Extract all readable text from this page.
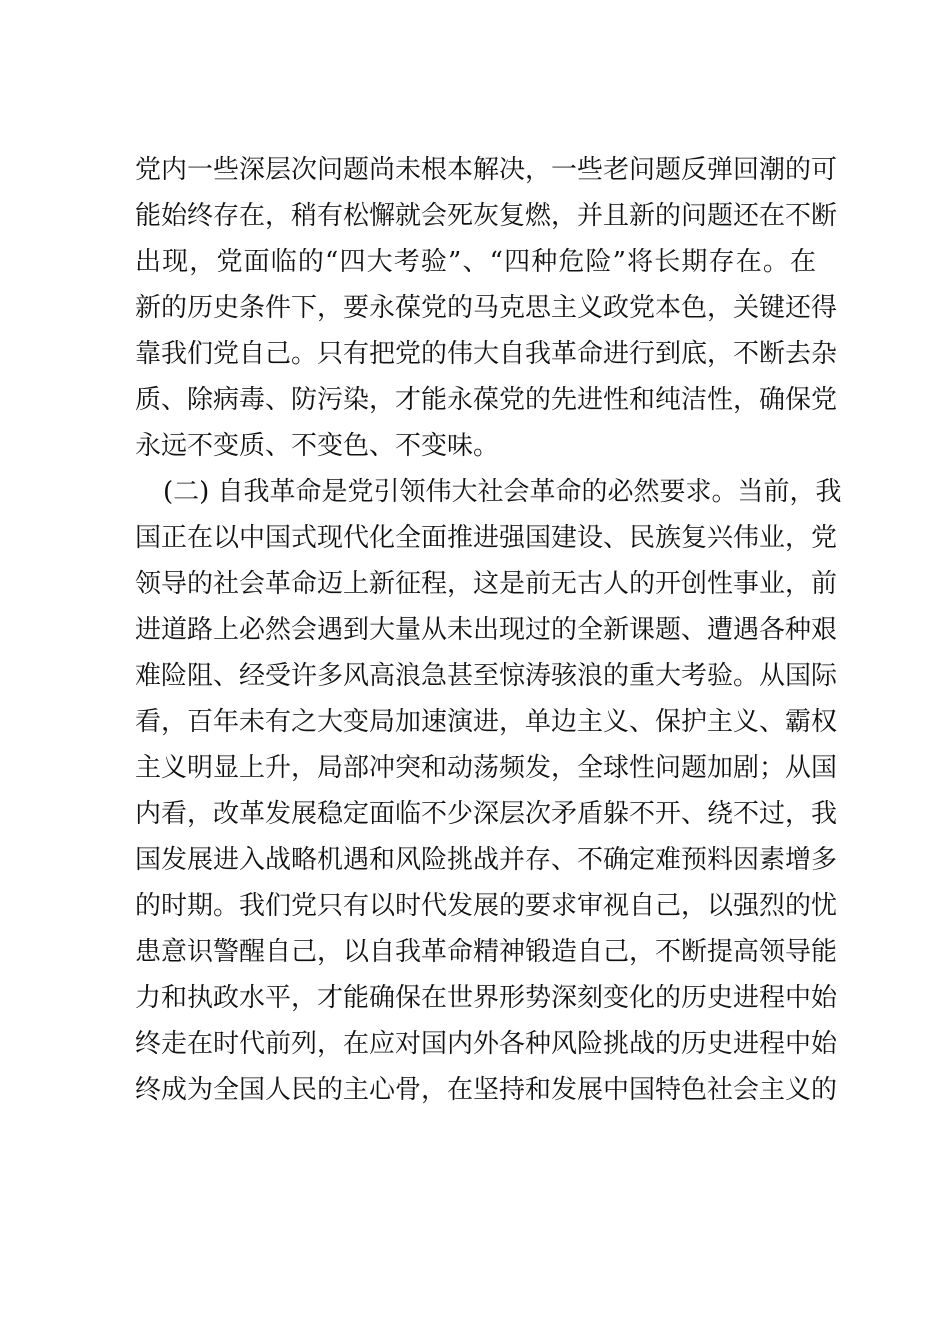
党内一些深层次问题尚未根本解决，一些老问题反弹回潮的可
能始终存在，稍有松懈就会死灰复燃，并且新的问题还在不断
出现，党面临的“四大考验”、“四种危险”将长期存在。在
新的历史条件下，要永葆党的马克思主义政党本色，关键还得
靠我们党自己。只有把党的伟大自我革命进行到底，不断去杂
质、除病毒、防污染，才能永葆党的先进性和纯洁性，确保党
永远不变质、不变色、不变味。
(二) 自我革命是党引领伟大社会革命的必然要求。当前，我
国正在以中国式现代化全面推进强国建设、民族复兴伟业，党
领导的社会革命迈上新征程，这是前无古人的开创性事业，前
进道路上必然会遇到大量从未出现过的全新课题、遭遇各种艰
难险阻、经受许多风高浪急甚至惊涛骇浪的重大考验。从国际
看，百年未有之大变局加速演进，单边主义、保护主义、霸权
主义明显上升，局部冲突和动荡频发，全球性问题加剧；从国
内看，改革发展稳定面临不少深层次矛盾躲不开、绕不过，我
国发展进入战略机遇和风险挑战并存、不确定难预料因素增多
的时期。我们党只有以时代发展的要求审视自己，以强烈的忧
患意识警醒自己，以自我革命精神锻造自己，不断提高领导能
力和执政水平，才能确保在世界形势深刻变化的历史进程中始
终走在时代前列，在应对国内外各种风险挑战的历史进程中始
终成为全国人民的主心骨，在坚持和发展中国特色社会主义的
